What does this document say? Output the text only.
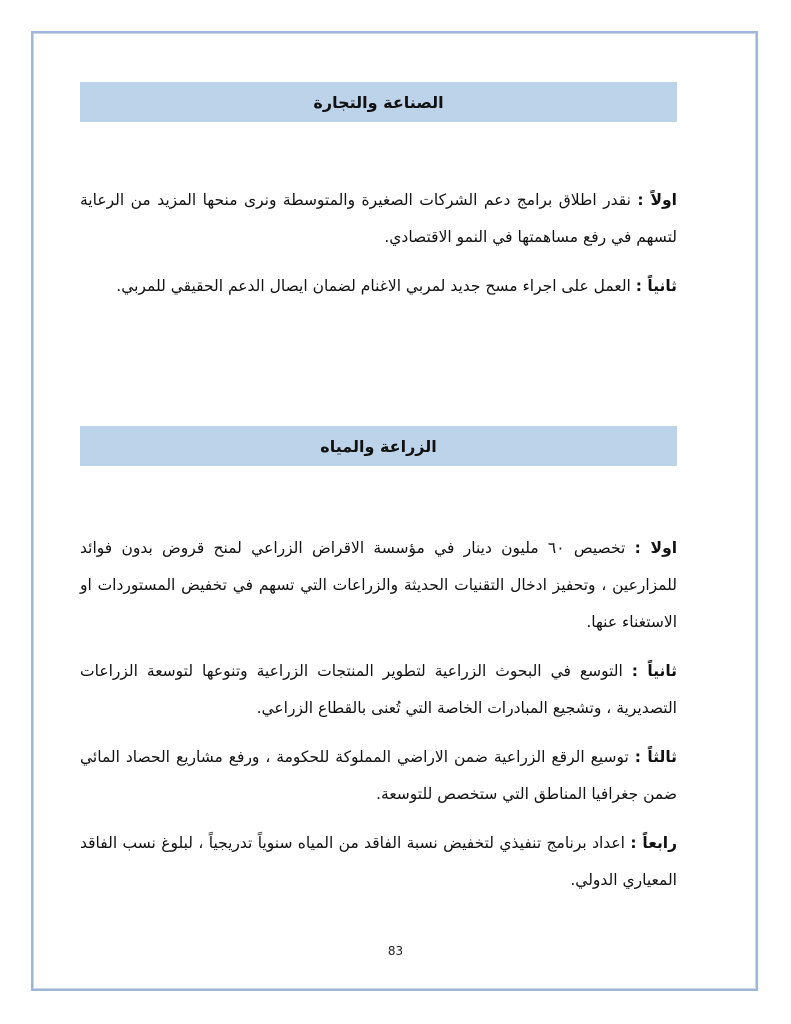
الصناعة والتجارة

اولاً : نقدر اطلاق برامج دعم الشركات الصغيرة والمتوسطة ونرى منحها المزيد من الرعاية لتسهم في رفع مساهمتها في النمو الاقتصادي.

ثانياً : العمل على اجراء مسح جديد لمربي الاغنام لضمان ايصال الدعم الحقيقي للمربي.

الزراعة والمياه

اولا : تخصيص ٦٠ مليون دينار في مؤسسة الاقراض الزراعي لمنح قروض بدون فوائد للمزارعين ، وتحفيز ادخال التقنيات الحديثة والزراعات التي تسهم في تخفيض المستوردات او الاستغناء عنها.

ثانياً : التوسع في البحوث الزراعية لتطوير المنتجات الزراعية وتنوعها لتوسعة الزراعات التصديرية ، وتشجيع المبادرات الخاصة التي تُعنى بالقطاع الزراعي.

ثالثاً : توسيع الرقع الزراعية ضمن الاراضي المملوكة للحكومة ، ورفع مشاريع الحصاد المائي ضمن جغرافيا المناطق التي ستخصص للتوسعة.

رابعاً : اعداد برنامج تنفيذي لتخفيض نسبة الفاقد من المياه سنوياً تدريجياً ، لبلوغ نسب الفاقد المعياري الدولي.

83
